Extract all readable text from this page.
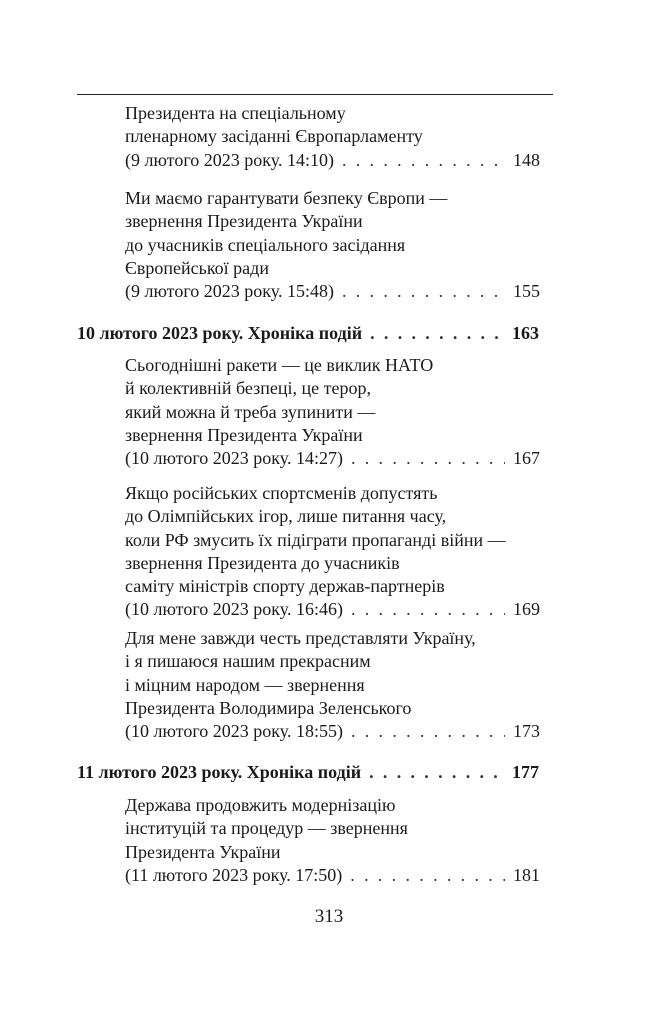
Президента на спеціальному
пленарному засіданні Європарламенту
(9 лютого 2023 року. 14:10) . . .	148
Ми маємо гарантувати безпеку Європи —
звернення Президента України
до учасників спеціального засідання
Європейської ради
(9 лютого 2023 року. 15:48) . . .	155
10 лютого 2023 року. Хроніка подій . . .	163
Сьогоднішні ракети — це виклик НАТО
й колективній безпеці, це терор,
який можна й треба зупинити —
звернення Президента України
(10 лютого 2023 року. 14:27) . . .	167
Якщо російських спортсменів допустять
до Олімпійських ігор, лише питання часу,
коли РФ змусить їх підіграти пропаганді війни —
звернення Президента до учасників
саміту міністрів спорту держав-партнерів
(10 лютого 2023 року. 16:46) . . .	169
Для мене завжди честь представляти Україну,
і я пишаюся нашим прекрасним
і міцним народом — звернення
Президента Володимира Зеленського
(10 лютого 2023 року. 18:55) . . .	173
11 лютого 2023 року. Хроніка подій . . .	177
Держава продовжить модернізацію
інституцій та процедур — звернення
Президента України
(11 лютого 2023 року. 17:50) . . .	181
313
